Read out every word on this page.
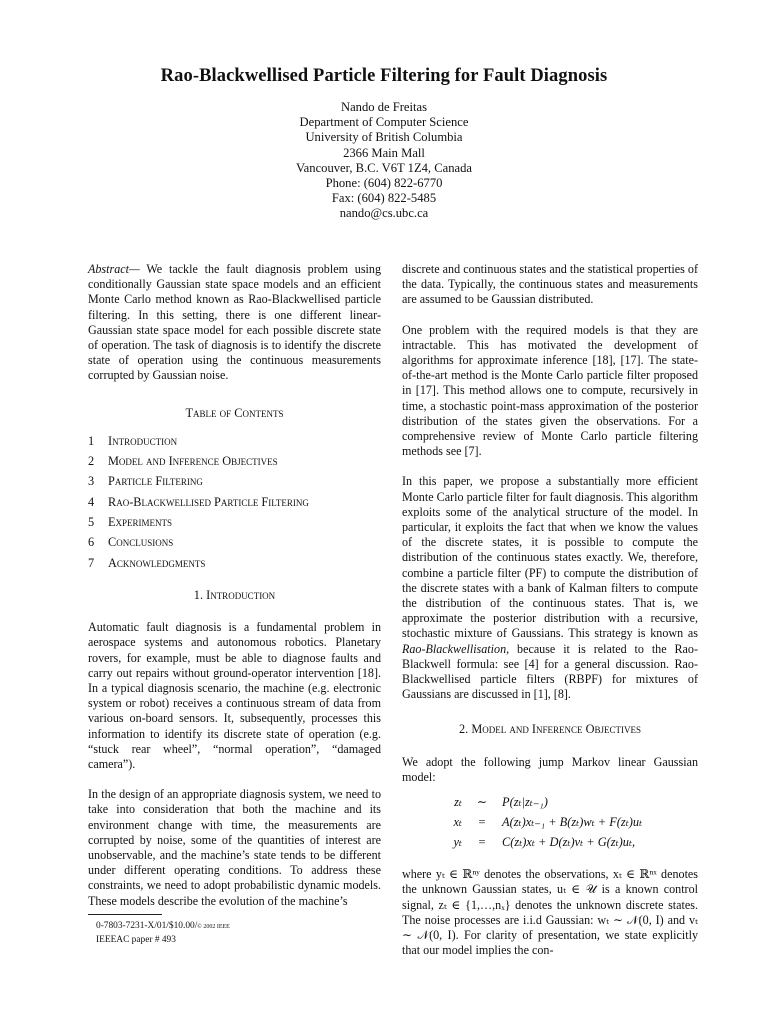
Rao-Blackwellised Particle Filtering for Fault Diagnosis
Nando de Freitas
Department of Computer Science
University of British Columbia
2366 Main Mall
Vancouver, B.C. V6T 1Z4, Canada
Phone: (604) 822-6770
Fax: (604) 822-5485
nando@cs.ubc.ca

Abstract— We tackle the fault diagnosis problem using conditionally Gaussian state space models and an efficient Monte Carlo method known as Rao-Blackwellised particle filtering. In this setting, there is one different linear-Gaussian state space model for each possible discrete state of operation. The task of diagnosis is to identify the discrete state of operation using the continuous measurements corrupted by Gaussian noise.

Table of Contents
1	Introduction
2	Model and Inference Objectives
3	Particle Filtering
4	Rao-Blackwellised Particle Filtering
5	Experiments
6	Conclusions
7	Acknowledgments
1. Introduction

Automatic fault diagnosis is a fundamental problem in aerospace systems and autonomous robotics. Planetary rovers, for example, must be able to diagnose faults and carry out repairs without ground-operator intervention [18]. In a typical diagnosis scenario, the machine (e.g. electronic system or robot) receives a continuous stream of data from various on-board sensors. It, subsequently, processes this information to identify its discrete state of operation (e.g. “stuck rear wheel”, “normal operation”, “damaged camera”).

In the design of an appropriate diagnosis system, we need to take into consideration that both the machine and its environment change with time, the measurements are corrupted by noise, some of the quantities of interest are unobservable, and the machine’s state tends to be different under different operating conditions. To address these constraints, we need to adopt probabilistic dynamic models. These models describe the evolution of the machine’s

discrete and continuous states and the statistical properties of the data. Typically, the continuous states and measurements are assumed to be Gaussian distributed.

One problem with the required models is that they are intractable. This has motivated the development of algorithms for approximate inference [18], [17]. The state-of-the-art method is the Monte Carlo particle filter proposed in [17]. This method allows one to compute, recursively in time, a stochastic point-mass approximation of the posterior distribution of the states given the observations. For a comprehensive review of Monte Carlo particle filtering methods see [7].

In this paper, we propose a substantially more efficient Monte Carlo particle filter for fault diagnosis. This algorithm exploits some of the analytical structure of the model. In particular, it exploits the fact that when we know the values of the discrete states, it is possible to compute the distribution of the continuous states exactly. We, therefore, combine a particle filter (PF) to compute the distribution of the discrete states with a bank of Kalman filters to compute the distribution of the continuous states. That is, we approximate the posterior distribution with a recursive, stochastic mixture of Gaussians. This strategy is known as Rao-Blackwellisation, because it is related to the Rao-Blackwell formula: see [4] for a general discussion. Rao-Blackwellised particle filters (RBPF) for mixtures of Gaussians are discussed in [1], [8].

2. Model and Inference Objectives

We adopt the following jump Markov linear Gaussian model:

zₜ	∼	P(zₜ|zₜ₋₁)
xₜ	=	A(zₜ)xₜ₋₁ + B(zₜ)wₜ + F(zₜ)uₜ
yₜ	=	C(zₜ)xₜ + D(zₜ)vₜ + G(zₜ)uₜ,

where yₜ ∈ ℝⁿʸ denotes the observations, xₜ ∈ ℝⁿˣ denotes the unknown Gaussian states, uₜ ∈ 𝒰 is a known control signal, zₜ ∈ {1,…,nₓ} denotes the unknown discrete states. The noise processes are i.i.d Gaussian: wₜ ∼ 𝒩(0, I) and vₜ ∼ 𝒩(0, I). For clarity of presentation, we state explicitly that our model implies the con-

0-7803-7231-X/01/$10.00/© 2002 IEEE
IEEEAC paper # 493
